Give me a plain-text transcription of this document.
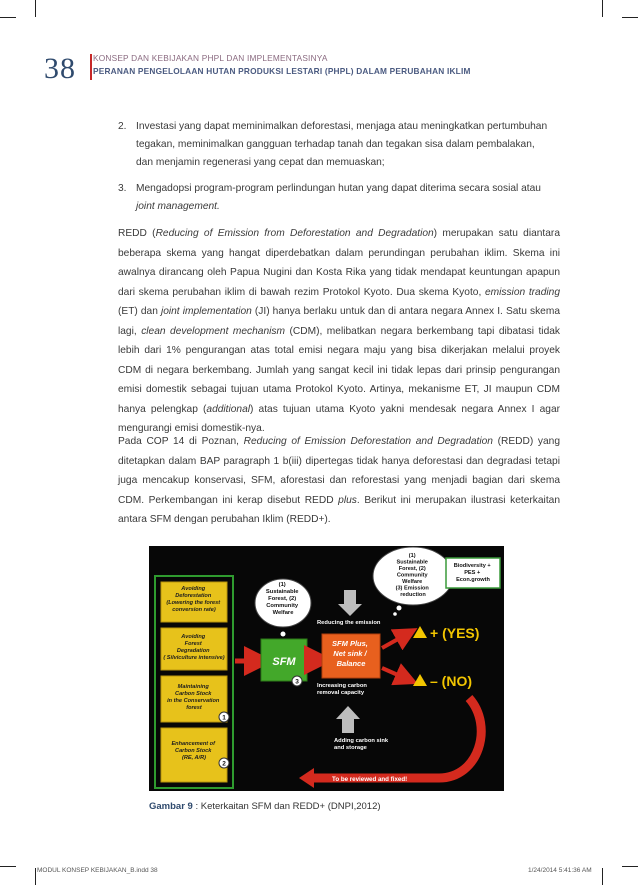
38 KONSEP DAN KEBIJAKAN PHPL DAN IMPLEMENTASINYA
PERANAN PENGELOLAAN HUTAN PRODUKSI LESTARI (PHPL) DALAM PERUBAHAN IKLIM
2. Investasi yang dapat meminimalkan deforestasi, menjaga atau meningkatkan pertumbuhan
tegakan, meminimalkan gangguan terhadap tanah dan tegakan sisa dalam pembalakan,
dan menjamin regenerasi yang cepat dan memuaskan;
3. Mengadopsi program-program perlindungan hutan yang dapat diterima secara sosial atau
joint management.
REDD (Reducing of Emission from Deforestation and Degradation) merupakan satu diantara beberapa skema yang hangat diperdebatkan dalam perundingan perubahan iklim. Skema ini awalnya dirancang oleh Papua Nugini dan Kosta Rika yang tidak mendapat keuntungan apapun dari skema perubahan iklim di bawah rezim Protokol Kyoto. Dua skema Kyoto, emission trading (ET) dan joint implementation (JI) hanya berlaku untuk dan di antara negara Annex I. Satu skema lagi, clean development mechanism (CDM), melibatkan negara berkembang tapi dibatasi tidak lebih dari 1% pengurangan atas total emisi negara maju yang bisa dikerjakan melalui proyek CDM di negara berkembang. Jumlah yang sangat kecil ini tidak lepas dari prinsip pengurangan emisi domestik sebagai tujuan utama Protokol Kyoto. Artinya, mekanisme ET, JI maupun CDM hanya pelengkap (additional) atas tujuan utama Kyoto yakni mendesak negara Annex I agar mengurangi emisi domestik-nya.
Pada COP 14 di Poznan, Reducing of Emission Deforestation and Degradation (REDD) yang ditetapkan dalam BAP paragraph 1 b(iii) dipertegas tidak hanya deforestasi dan degradasi tetapi juga mencakup konservasi, SFM, aforestasi dan reforestasi yang menjadi bagian dari skema CDM. Perkembangan ini kerap disebut REDD plus. Berikut ini merupakan ilustrasi keterkaitan antara SFM dengan perubahan Iklim (REDD+).
Avoiding Deforestation (Lowering the forest conversion rate)
Avoiding Forest Degradation ( Silviculture intensive)
Maintaining Carbon Stock in the Conservation forest
Enhancement of Carbon Stock (RE, A/R)
1
2
(1) Sustainable Forest, (2) Community Welfare
SFM
3
Reducing the emission
SFM Plus, Net sink / Balance
(1) Sustainable Forest, (2) Community Welfare (3) Emission reduction
+ Biodiversity + PES + Econ.growth
+ (YES)
– (NO)
Increasing carbon removal capacity
Adding carbon sink and storage
To be reviewed and fixed!
Gambar 9 : Keterkaitan SFM dan REDD+ (DNPI,2012)
MODUL KONSEP KEBIJAKAN_B.indd 38	1/24/2014 5:41:36 AM
